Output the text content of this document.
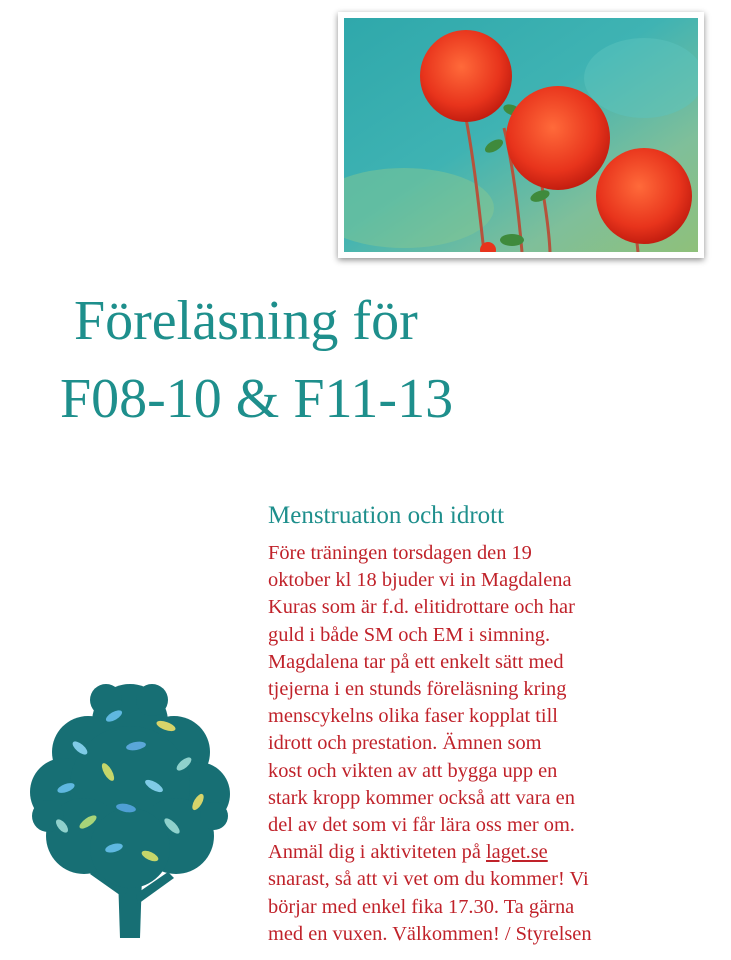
Föreläsning för
F08-10 & F11-13
Menstruation och idrott

Före träningen torsdagen den 19
oktober kl 18 bjuder vi in Magdalena
Kuras som är f.d. elitidrottare och har
guld i både SM och EM i simning.
Magdalena tar på ett enkelt sätt med
tjejerna i en stunds föreläsning kring
menscykelns olika faser kopplat till
idrott och prestation. Ämnen som
kost och vikten av att bygga upp en
stark kropp kommer också att vara en
del av det som vi får lära oss mer om.
Anmäl dig i aktiviteten på laget.se
snarast, så att vi vet om du kommer! Vi
börjar med enkel fika 17.30. Ta gärna
med en vuxen. Välkommen! / Styrelsen
